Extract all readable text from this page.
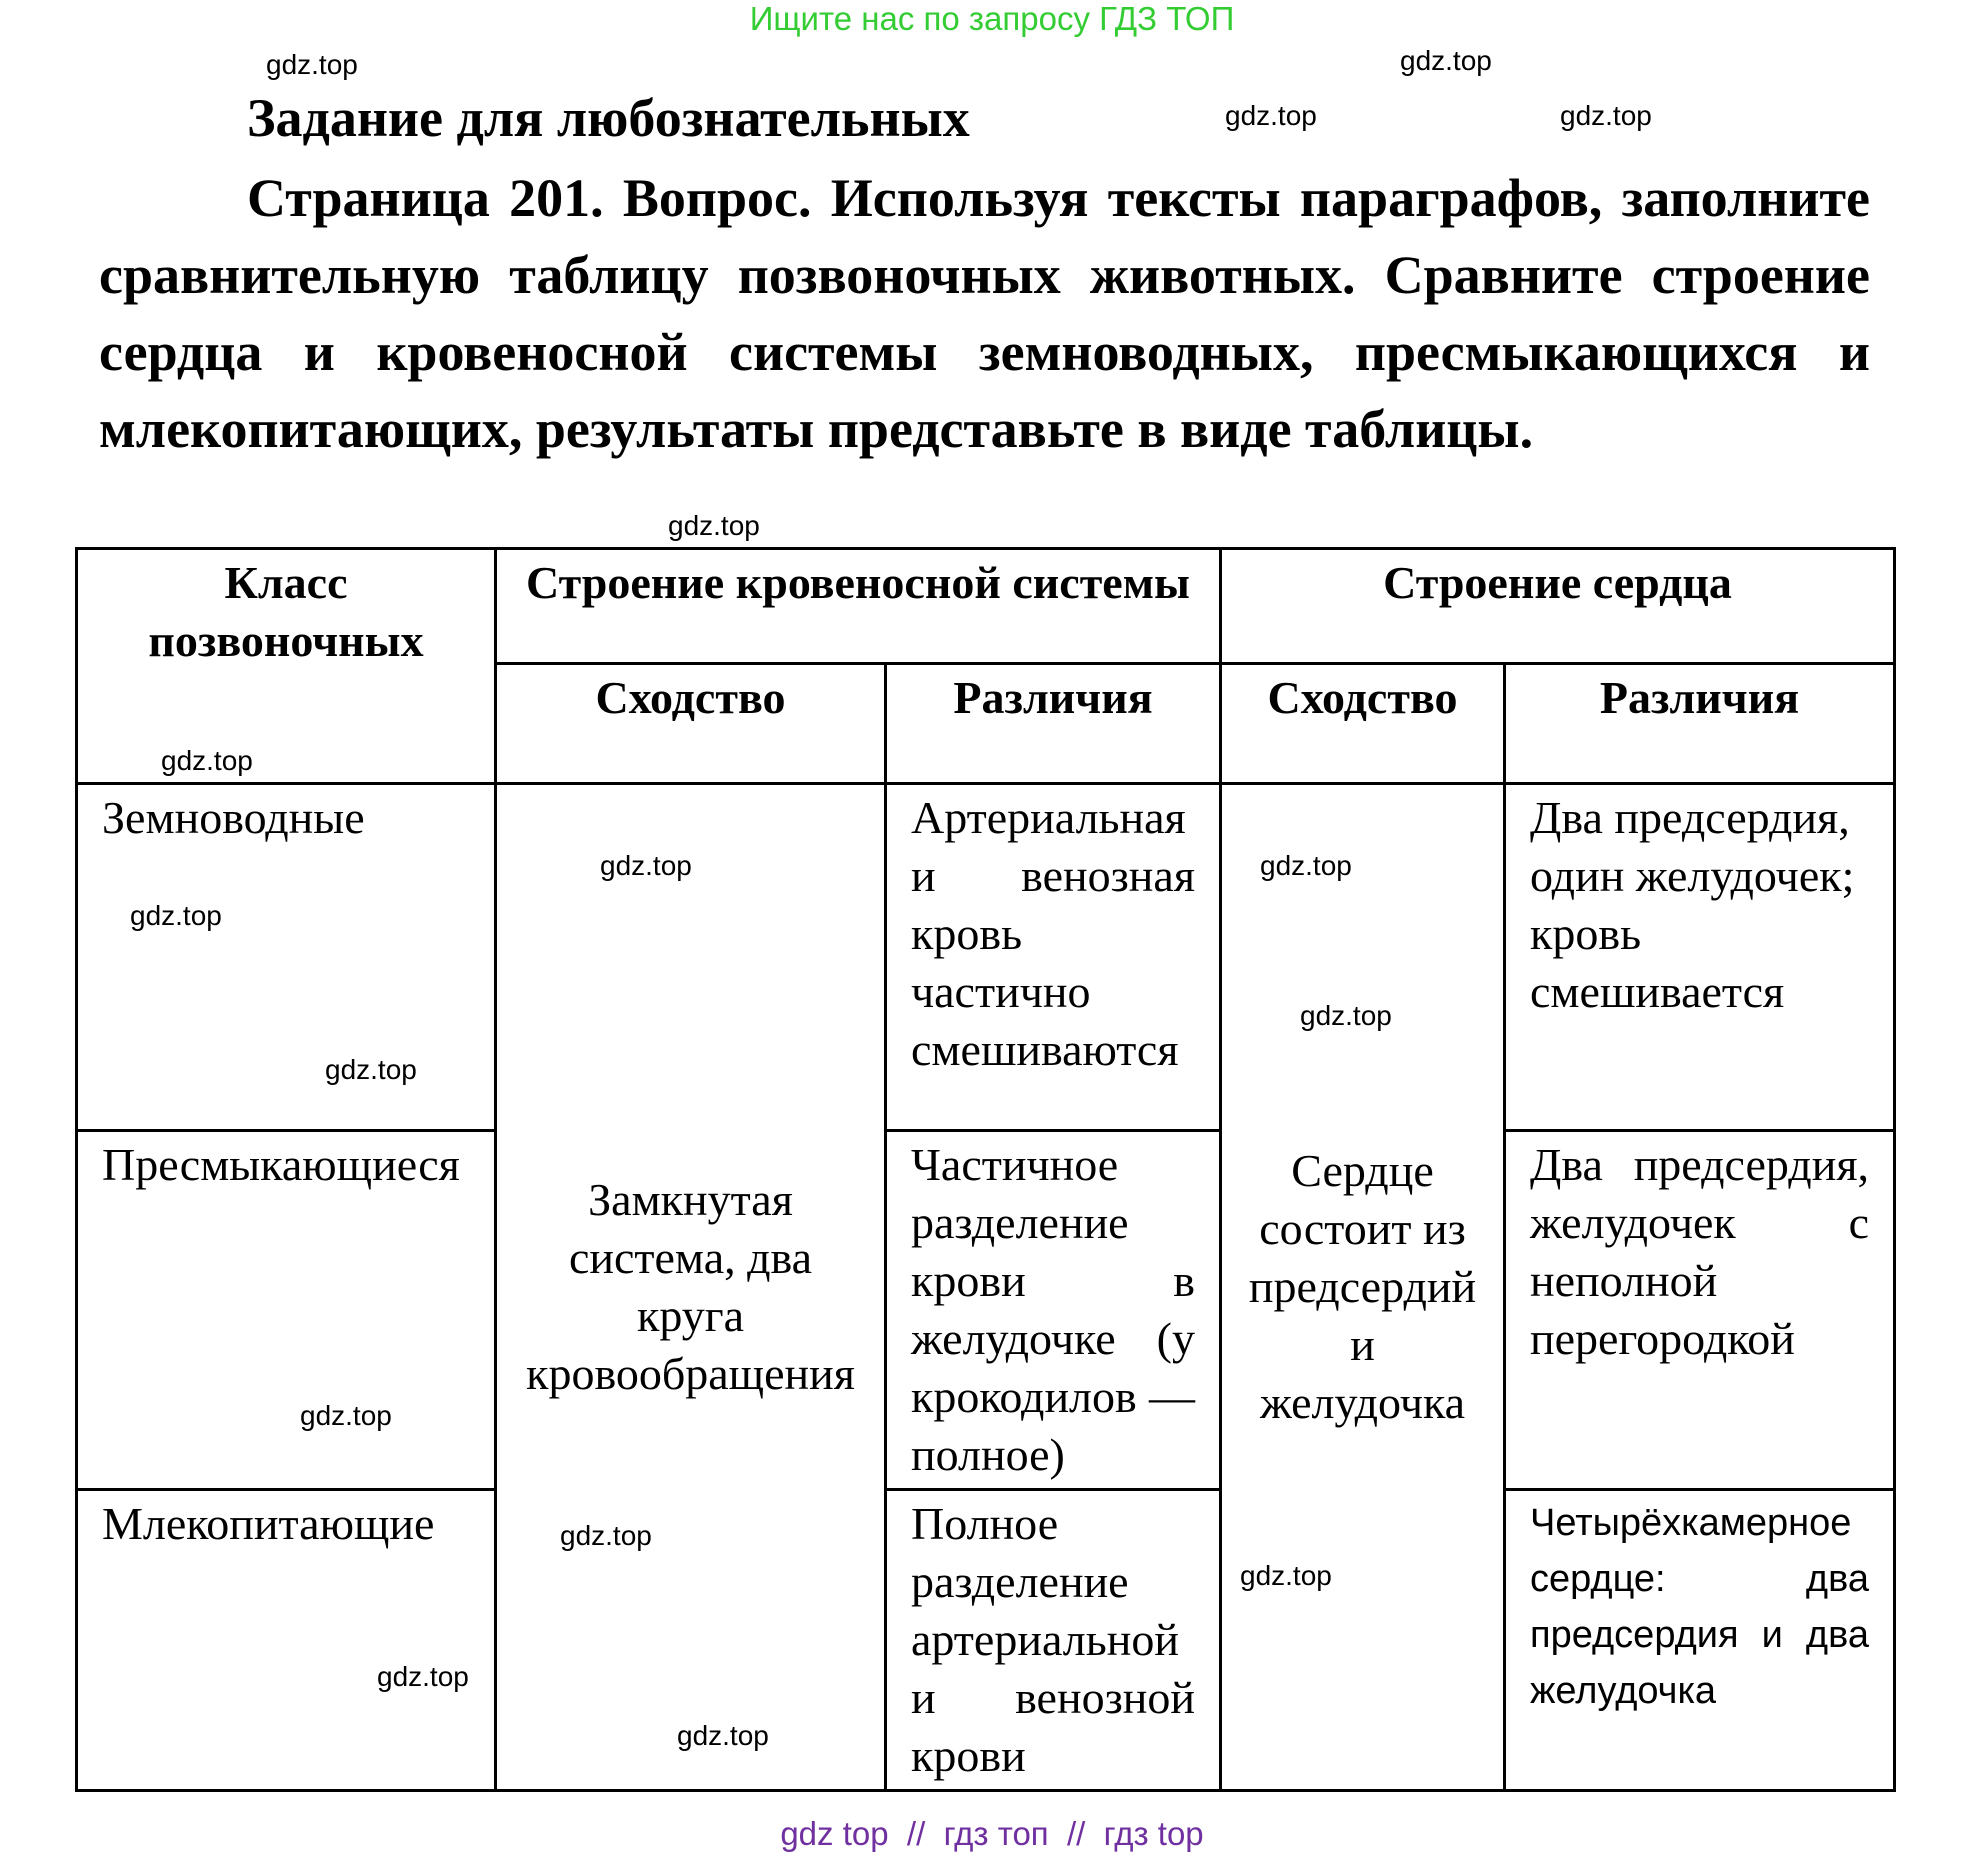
Ищите нас по запросу ГДЗ ТОП
Задание для любознательных
Страница 201. Вопрос. Используя тексты параграфов, заполните сравнительную таблицу позвоночных животных. Сравните строение сердца и кровеносной системы земноводных, пресмыкающихся и млекопитающих, результаты представьте в виде таблицы.
Класс позвоночных	Строение кровеносной системы		Строение сердца	
	Сходство	Различия	Сходство	Различия
Земноводные	Замкнутая система, два круга кровообращения	Артериальная и венозная кровь частично смешиваются	Сердце состоит из предсердий и желудочка	Два предсердия, один желудочек; кровь смешивается
Пресмыкающиеся		Частичное разделение крови в желудочке (у крокодилов — полное)		Два предсердия, желудочек с неполной перегородкой
Млекопитающие		Полное разделение артериальной и венозной крови		Четырёхкамерное сердце: два предсердия и два желудочка
gdz.top
gdz.top
gdz.top
gdz.top
gdz.top
gdz.top
gdz.top
gdz.top
gdz.top
gdz.top
gdz.top
gdz.top
gdz.top
gdz.top
gdz.top
gdz.top
gdz top  //  гдз топ  //  гдз top
